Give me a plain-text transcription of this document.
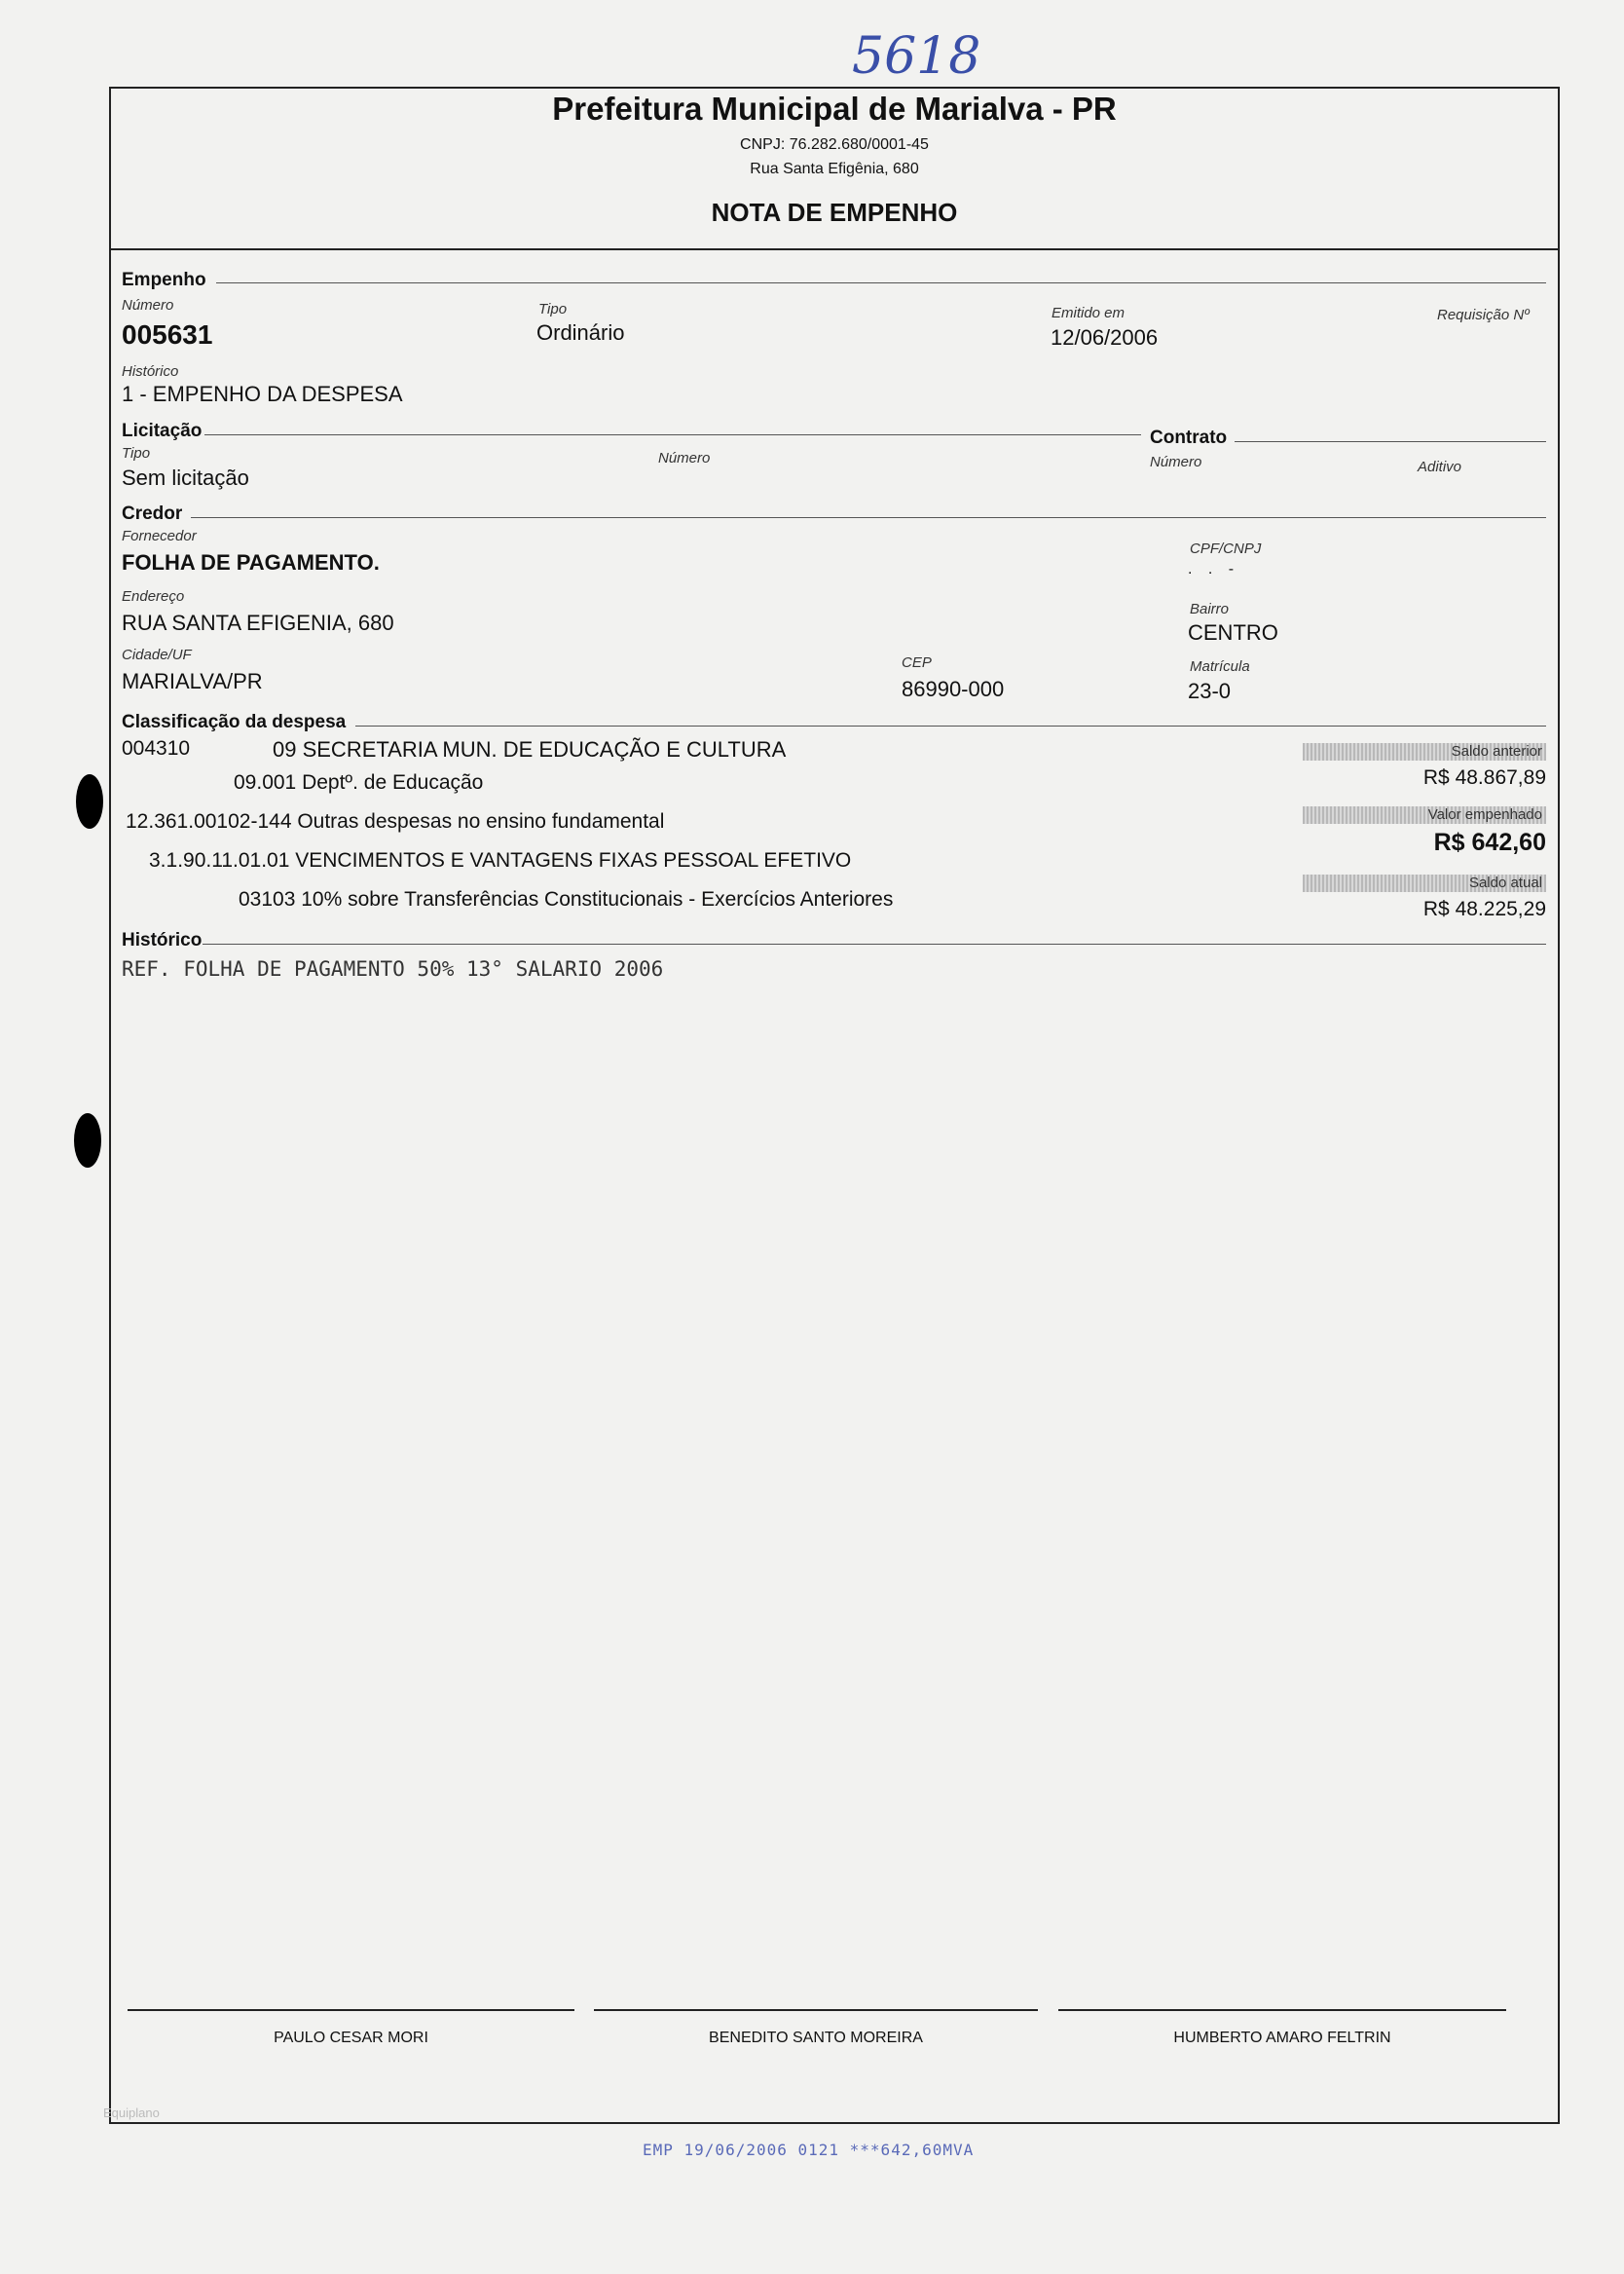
5618
Prefeitura Municipal de Marialva - PR
CNPJ: 76.282.680/0001-45
Rua Santa Efigênia, 680
NOTA DE EMPENHO
Empenho
Número
005631
Tipo
Ordinário
Emitido em
12/06/2006
Requisição Nº
Histórico
1 - EMPENHO DA DESPESA
Licitação	Contrato
Tipo
Sem licitação
Número	Número	Aditivo
Credor
Fornecedor
FOLHA DE PAGAMENTO.
CPF/CNPJ
. . -
Endereço
RUA SANTA EFIGENIA, 680
Bairro
CENTRO
Cidade/UF
MARIALVA/PR
CEP
86990-000
Matrícula
23-0
Classificação da despesa
004310	09 SECRETARIA MUN. DE EDUCAÇÃO E CULTURA
09.001 Deptº. de Educação
12.361.00102-144 Outras despesas no ensino fundamental
3.1.90.11.01.01 VENCIMENTOS E VANTAGENS FIXAS PESSOAL EFETIVO
03103 10% sobre Transferências Constitucionais - Exercícios Anteriores
Saldo anterior
R$ 48.867,89
Valor empenhado
R$ 642,60
Saldo atual
R$ 48.225,29
Histórico
REF. FOLHA DE PAGAMENTO 50% 13° SALARIO 2006
PAULO CESAR MORI	BENEDITO SANTO MOREIRA	HUMBERTO AMARO FELTRIN
Equiplano
EMP 19/06/2006 0121 ***642,60MVA
